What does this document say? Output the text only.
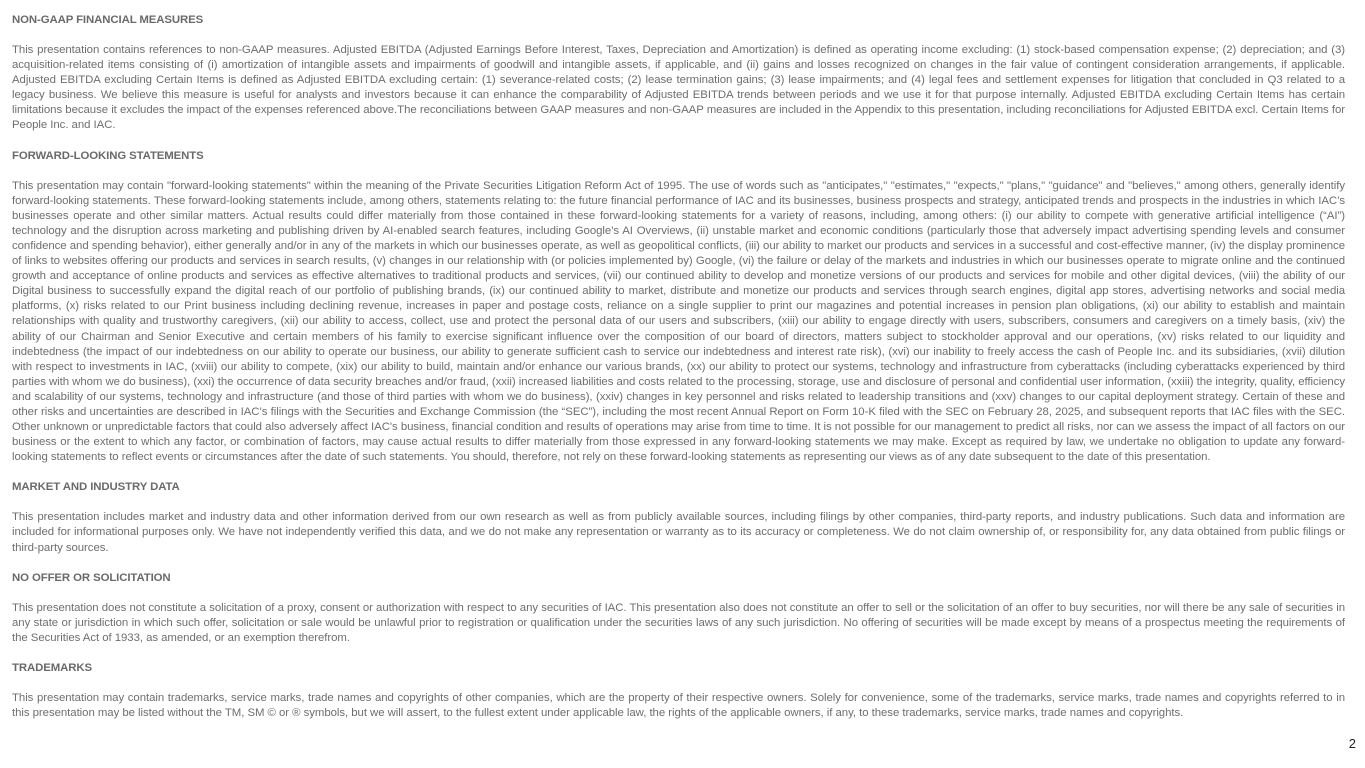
NON-GAAP FINANCIAL MEASURES

This presentation contains references to non-GAAP measures. Adjusted EBITDA (Adjusted Earnings Before Interest, Taxes, Depreciation and Amortization) is defined as operating income excluding: (1) stock-based compensation expense; (2) depreciation; and (3) acquisition-related items consisting of (i) amortization of intangible assets and impairments of goodwill and intangible assets, if applicable, and (ii) gains and losses recognized on changes in the fair value of contingent consideration arrangements, if applicable. Adjusted EBITDA excluding Certain Items is defined as Adjusted EBITDA excluding certain: (1) severance-related costs; (2) lease termination gains; (3) lease impairments; and (4) legal fees and settlement expenses for litigation that concluded in Q3 related to a legacy business. We believe this measure is useful for analysts and investors because it can enhance the comparability of Adjusted EBITDA trends between periods and we use it for that purpose internally. Adjusted EBITDA excluding Certain Items has certain limitations because it excludes the impact of the expenses referenced above.The reconciliations between GAAP measures and non-GAAP measures are included in the Appendix to this presentation, including reconciliations for Adjusted EBITDA excl. Certain Items for People Inc. and IAC.

FORWARD-LOOKING STATEMENTS

This presentation may contain "forward-looking statements" within the meaning of the Private Securities Litigation Reform Act of 1995. The use of words such as "anticipates," "estimates," "expects," "plans," "guidance" and "believes," among others, generally identify forward-looking statements. These forward-looking statements include, among others, statements relating to: the future financial performance of IAC and its businesses, business prospects and strategy, anticipated trends and prospects in the industries in which IAC’s businesses operate and other similar matters. Actual results could differ materially from those contained in these forward-looking statements for a variety of reasons, including, among others: (i) our ability to compete with generative artificial intelligence (“AI”) technology and the disruption across marketing and publishing driven by AI-enabled search features, including Google’s AI Overviews, (ii) unstable market and economic conditions (particularly those that adversely impact advertising spending levels and consumer confidence and spending behavior), either generally and/or in any of the markets in which our businesses operate, as well as geopolitical conflicts, (iii) our ability to market our products and services in a successful and cost-effective manner, (iv) the display prominence of links to websites offering our products and services in search results, (v) changes in our relationship with (or policies implemented by) Google, (vi) the failure or delay of the markets and industries in which our businesses operate to migrate online and the continued growth and acceptance of online products and services as effective alternatives to traditional products and services, (vii) our continued ability to develop and monetize versions of our products and services for mobile and other digital devices, (viii) the ability of our Digital business to successfully expand the digital reach of our portfolio of publishing brands, (ix) our continued ability to market, distribute and monetize our products and services through search engines, digital app stores, advertising networks and social media platforms, (x) risks related to our Print business including declining revenue, increases in paper and postage costs, reliance on a single supplier to print our magazines and potential increases in pension plan obligations, (xi) our ability to establish and maintain relationships with quality and trustworthy caregivers, (xii) our ability to access, collect, use and protect the personal data of our users and subscribers, (xiii) our ability to engage directly with users, subscribers, consumers and caregivers on a timely basis, (xiv) the ability of our Chairman and Senior Executive and certain members of his family to exercise significant influence over the composition of our board of directors, matters subject to stockholder approval and our operations, (xv) risks related to our liquidity and indebtedness (the impact of our indebtedness on our ability to operate our business, our ability to generate sufficient cash to service our indebtedness and interest rate risk), (xvi) our inability to freely access the cash of People Inc. and its subsidiaries, (xvii) dilution with respect to investments in IAC, (xviii) our ability to compete, (xix) our ability to build, maintain and/or enhance our various brands, (xx) our ability to protect our systems, technology and infrastructure from cyberattacks (including cyberattacks experienced by third parties with whom we do business), (xxi) the occurrence of data security breaches and/or fraud, (xxii) increased liabilities and costs related to the processing, storage, use and disclosure of personal and confidential user information, (xxiii) the integrity, quality, efficiency and scalability of our systems, technology and infrastructure (and those of third parties with whom we do business), (xxiv) changes in key personnel and risks related to leadership transitions and (xxv) changes to our capital deployment strategy. Certain of these and other risks and uncertainties are described in IAC’s filings with the Securities and Exchange Commission (the “SEC”), including the most recent Annual Report on Form 10-K filed with the SEC on February 28, 2025, and subsequent reports that IAC files with the SEC. Other unknown or unpredictable factors that could also adversely affect IAC's business, financial condition and results of operations may arise from time to time. It is not possible for our management to predict all risks, nor can we assess the impact of all factors on our business or the extent to which any factor, or combination of factors, may cause actual results to differ materially from those expressed in any forward-looking statements we may make. Except as required by law, we undertake no obligation to update any forward-looking statements to reflect events or circumstances after the date of such statements. You should, therefore, not rely on these forward-looking statements as representing our views as of any date subsequent to the date of this presentation.

MARKET AND INDUSTRY DATA

This presentation includes market and industry data and other information derived from our own research as well as from publicly available sources, including filings by other companies, third-party reports, and industry publications. Such data and information are included for informational purposes only. We have not independently verified this data, and we do not make any representation or warranty as to its accuracy or completeness. We do not claim ownership of, or responsibility for, any data obtained from public filings or third-party sources.

NO OFFER OR SOLICITATION

This presentation does not constitute a solicitation of a proxy, consent or authorization with respect to any securities of IAC. This presentation also does not constitute an offer to sell or the solicitation of an offer to buy securities, nor will there be any sale of securities in any state or jurisdiction in which such offer, solicitation or sale would be unlawful prior to registration or qualification under the securities laws of any such jurisdiction. No offering of securities will be made except by means of a prospectus meeting the requirements of the Securities Act of 1933, as amended, or an exemption therefrom.

TRADEMARKS

This presentation may contain trademarks, service marks, trade names and copyrights of other companies, which are the property of their respective owners. Solely for convenience, some of the trademarks, service marks, trade names and copyrights referred to in this presentation may be listed without the TM, SM © or ® symbols, but we will assert, to the fullest extent under applicable law, the rights of the applicable owners, if any, to these trademarks, service marks, trade names and copyrights.

2
